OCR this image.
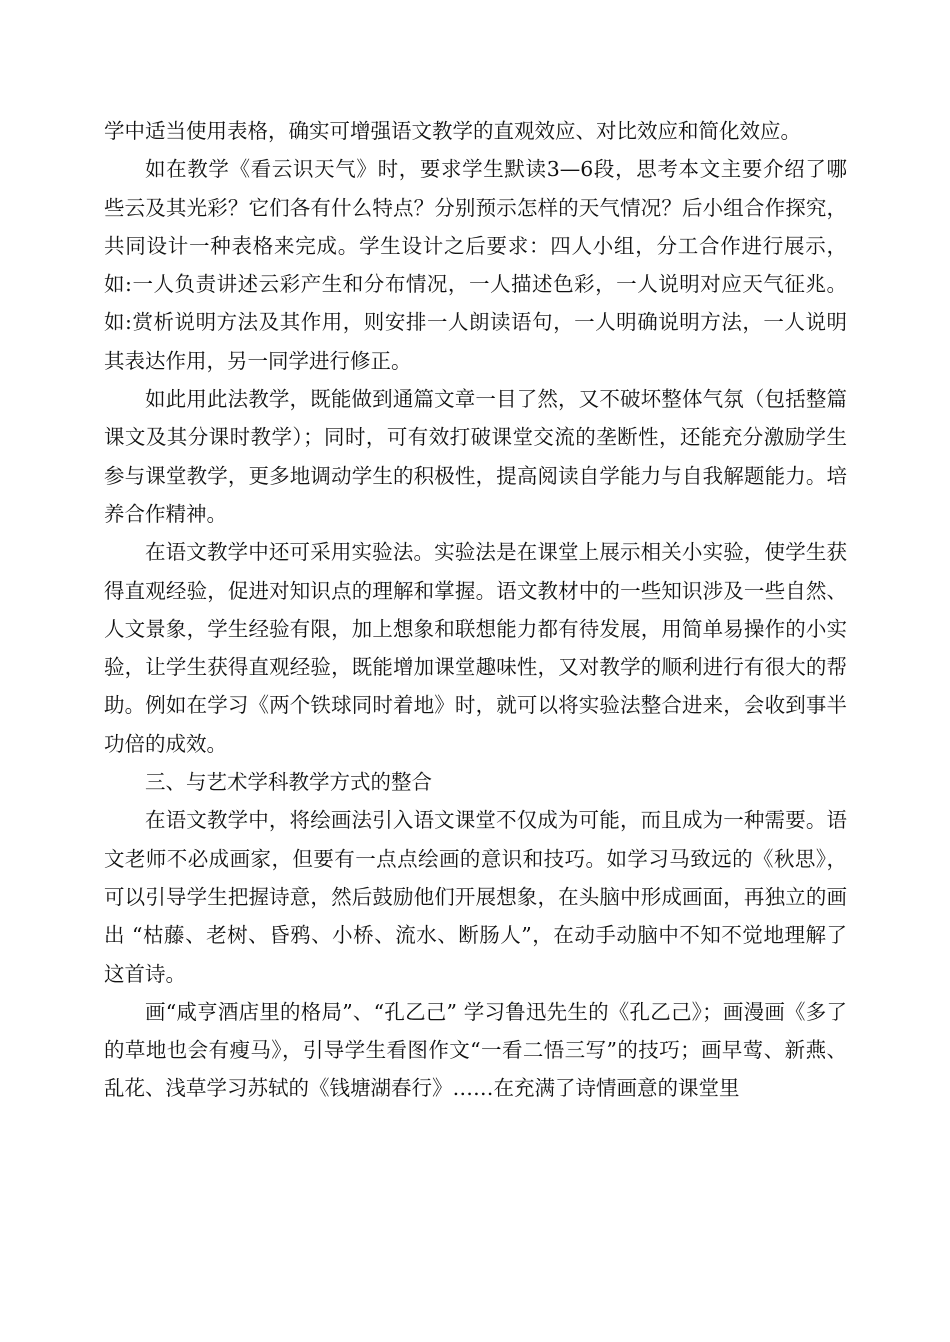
学中适当使用表格，确实可增强语文教学的直观效应、对比效应和简化效应。

如在教学《看云识天气》时，要求学生默读3—6段，思考本文主要介绍了哪些云及其光彩？它们各有什么特点？分别预示怎样的天气情况？后小组合作探究，共同设计一种表格来完成。学生设计之后要求：四人小组，分工合作进行展示，如:一人负责讲述云彩产生和分布情况，一人描述色彩，一人说明对应天气征兆。如:赏析说明方法及其作用，则安排一人朗读语句，一人明确说明方法，一人说明其表达作用，另一同学进行修正。

如此用此法教学，既能做到通篇文章一目了然，又不破坏整体气氛（包括整篇课文及其分课时教学）；同时，可有效打破课堂交流的垄断性，还能充分激励学生参与课堂教学，更多地调动学生的积极性，提高阅读自学能力与自我解题能力。培养合作精神。

在语文教学中还可采用实验法。实验法是在课堂上展示相关小实验，使学生获得直观经验，促进对知识点的理解和掌握。语文教材中的一些知识涉及一些自然、人文景象，学生经验有限，加上想象和联想能力都有待发展，用简单易操作的小实验，让学生获得直观经验，既能增加课堂趣味性，又对教学的顺利进行有很大的帮助。例如在学习《两个铁球同时着地》时，就可以将实验法整合进来，会收到事半功倍的成效。

三、与艺术学科教学方式的整合

在语文教学中，将绘画法引入语文课堂不仅成为可能，而且成为一种需要。语文老师不必成画家，但要有一点点绘画的意识和技巧。如学习马致远的《秋思》，可以引导学生把握诗意，然后鼓励他们开展想象，在头脑中形成画面，再独立的画出 “枯藤、老树、昏鸦、小桥、流水、断肠人”，在动手动脑中不知不觉地理解了这首诗。

画“咸亨酒店里的格局”、“孔乙己” 学习鲁迅先生的《孔乙己》；画漫画《多了的草地也会有瘦马》，引导学生看图作文“一看二悟三写”的技巧；画早莺、新燕、乱花、浅草学习苏轼的《钱塘湖春行》……在充满了诗情画意的课堂里
